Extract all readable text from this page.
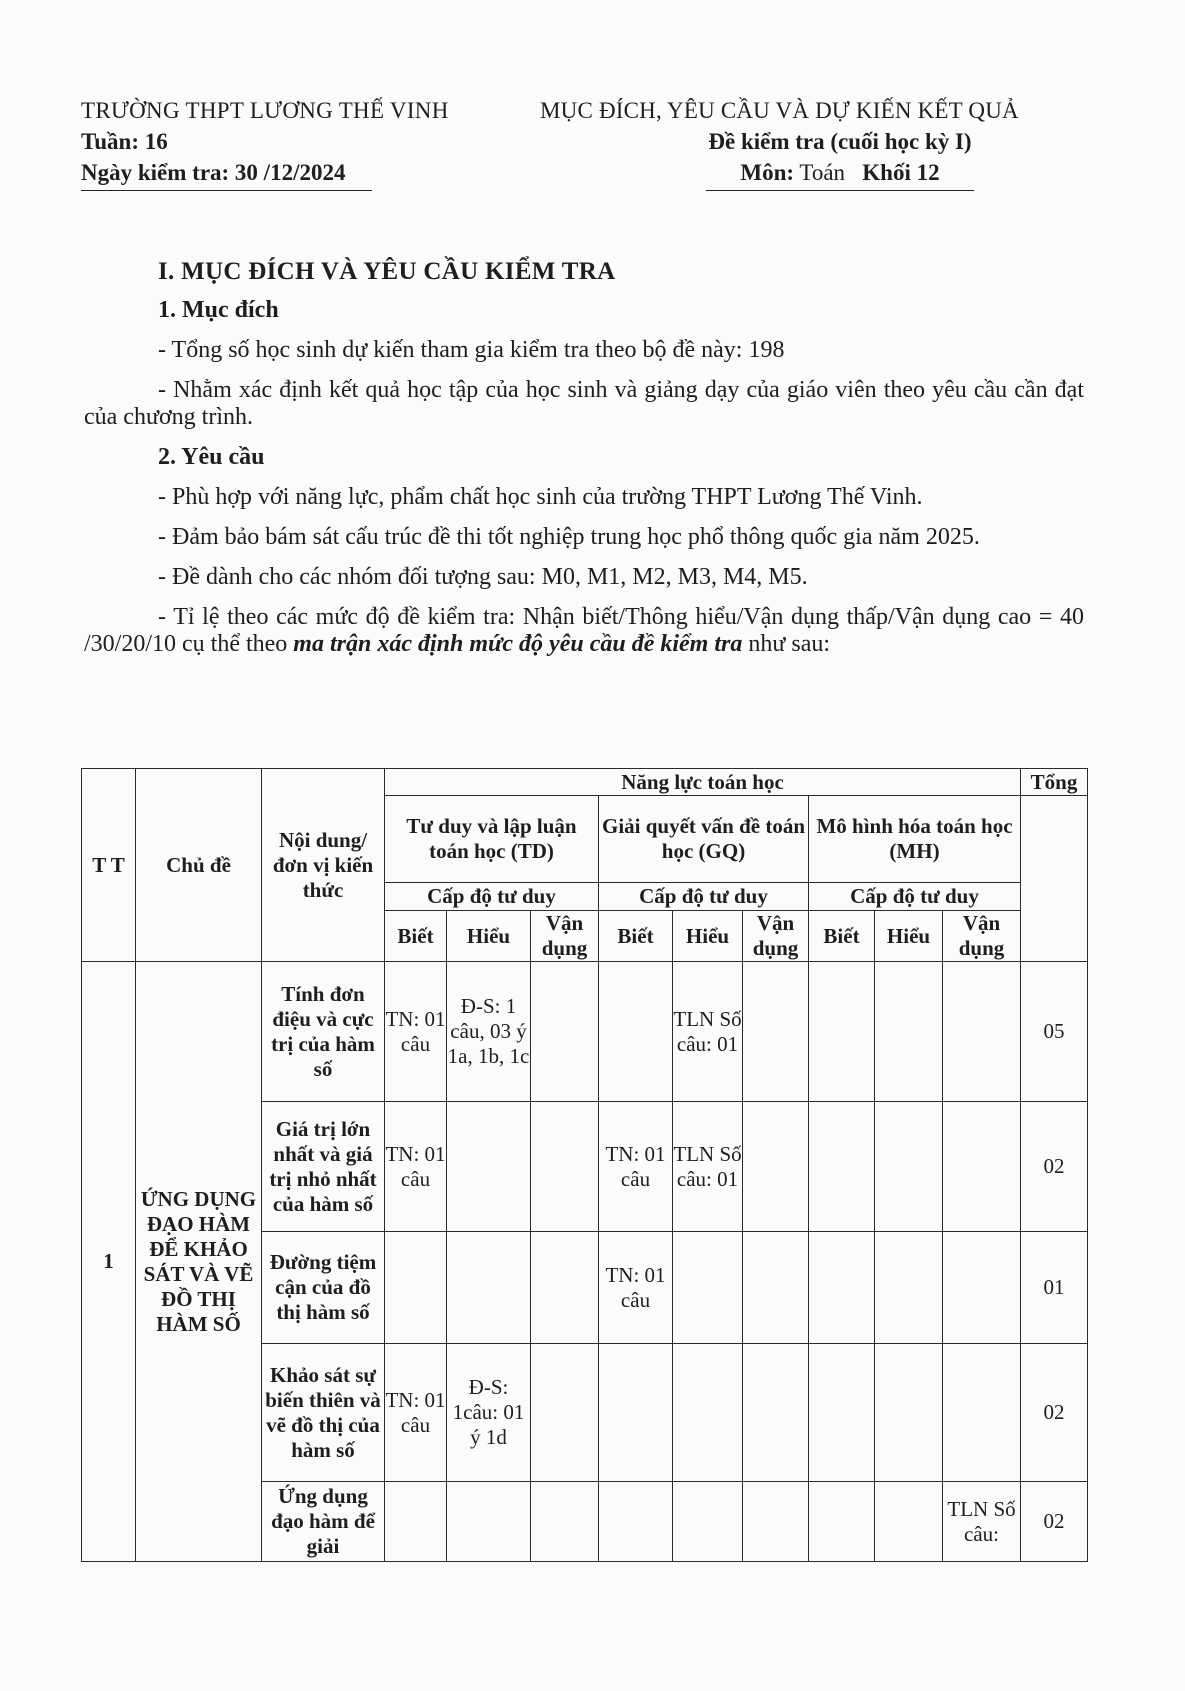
TRƯỜNG THPT LƯƠNG THẾ VINH
Tuần: 16
Ngày kiểm tra: 30 /12/2024
MỤC ĐÍCH, YÊU CẦU VÀ DỰ KIẾN KẾT QUẢ
Đề kiểm tra (cuối học kỳ I)
Môn: Toán Khối 12
I. MỤC ĐÍCH VÀ YÊU CẦU KIỂM TRA
1. Mục đích
- Tổng số học sinh dự kiến tham gia kiểm tra theo bộ đề này: 198
- Nhằm xác định kết quả học tập của học sinh và giảng dạy của giáo viên theo yêu cầu cần đạt của chương trình.
2. Yêu cầu
- Phù hợp với năng lực, phẩm chất học sinh của trường THPT Lương Thế Vinh.
- Đảm bảo bám sát cấu trúc đề thi tốt nghiệp trung học phổ thông quốc gia năm 2025.
- Đề dành cho các nhóm đối tượng sau: M0, M1, M2, M3, M4, M5.
- Tỉ lệ theo các mức độ đề kiểm tra: Nhận biết/Thông hiểu/Vận dụng thấp/Vận dụng cao = 40 /30/20/10 cụ thể theo ma trận xác định mức độ yêu cầu đề kiểm tra như sau:
T T	Chủ đề	Nội dung/đơn vị kiến thức	Năng lực toán học									Tổng
			Tư duy và lập luận toán học (TD)			Giải quyết vấn đề toán học (GQ)			Mô hình hóa toán học (MH)			
			Cấp độ tư duy			Cấp độ tư duy			Cấp độ tư duy			
			Biết	Hiểu	Vận dụng	Biết	Hiểu	Vận dụng	Biết	Hiểu	Vận dụng	
1	ỨNG DỤNG ĐẠO HÀM ĐỂ KHẢO SÁT VÀ VẼ ĐỒ THỊ HÀM SỐ	Tính đơn điệu và cực trị của hàm số	TN: 01 câu	Đ-S: 1 câu, 03 ý 1a, 1b, 1c			TLN Số câu: 01					05
		Giá trị lớn nhất và giá trị nhỏ nhất của hàm số	TN: 01 câu			TN: 01 câu	TLN Số câu: 01					02
		Đường tiệm cận của đồ thị hàm số				TN: 01 câu						01
		Khảo sát sự biến thiên và vẽ đồ thị của hàm số	TN: 01 câu	Đ-S: 1câu: 01 ý 1d								02
		Ứng dụng đạo hàm để giải									TLN Số câu:	02
